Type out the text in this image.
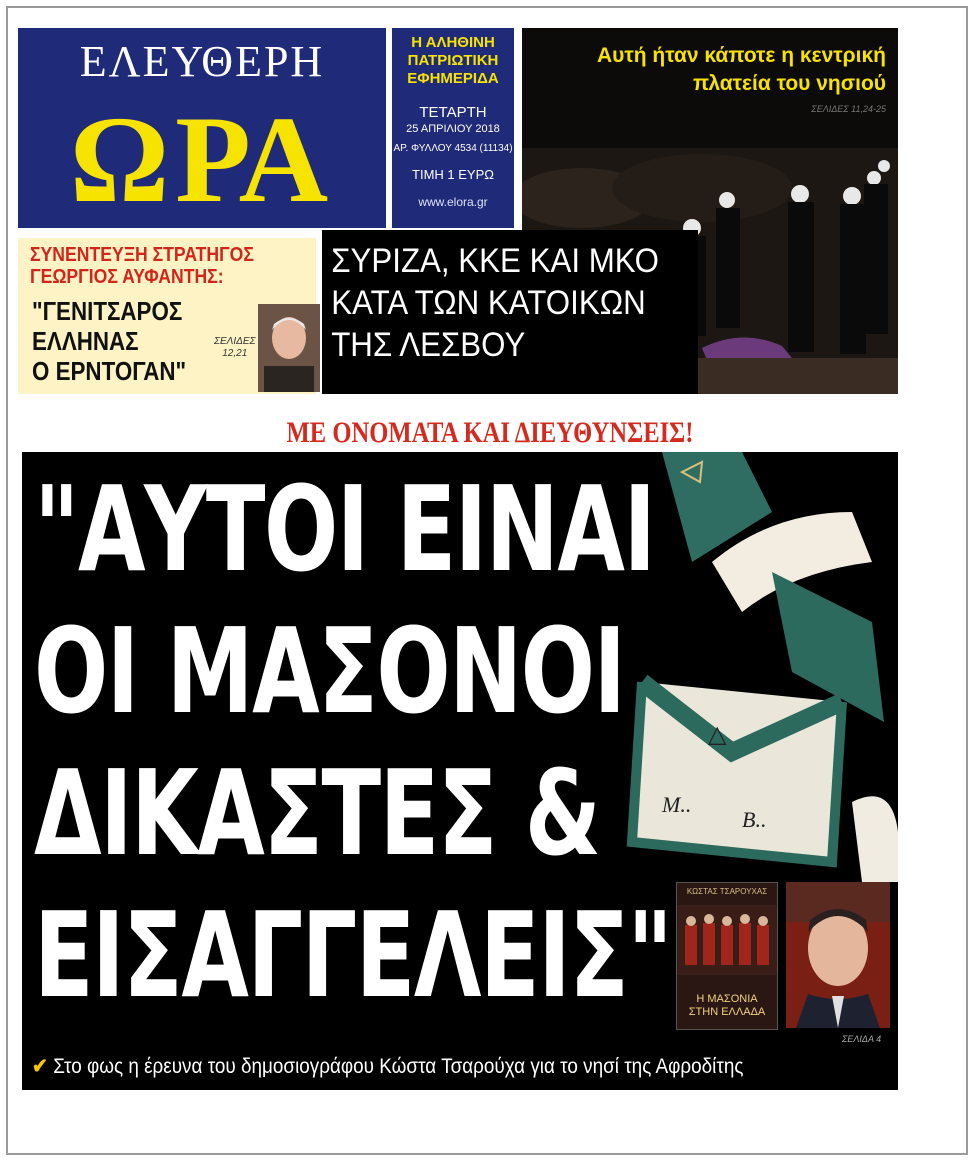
ΕΛΕΥΘΕΡΗ
ΩΡΑ
Η ΑΛΗΘΙΝΗ ΠΑΤΡΙΩΤΙΚΗ ΕΦΗΜΕΡΙΔΑ
ΤΕΤΑΡΤΗ
25 ΑΠΡΙΛΙΟΥ 2018
ΑΡ. ΦΥΛΛΟΥ 4534 (11134)
ΤΙΜΗ 1 ΕΥΡΩ
www.elora.gr
Αυτή ήταν κάποτε η κεντρική
πλατεία του νησιού
ΣΕΛΙΔΕΣ 11,24-25
ΣΥΡΙΖΑ, ΚΚΕ ΚΑΙ ΜΚΟ
ΚΑΤΑ ΤΩΝ ΚΑΤΟΙΚΩΝ
ΤΗΣ ΛΕΣΒΟΥ
ΣΥΝΕΝΤΕΥΞΗ ΣΤΡΑΤΗΓΟΣ
ΓΕΩΡΓΙΟΣ ΑΥΦΑΝΤΗΣ:
"ΓΕΝΙΤΣΑΡΟΣ
ΕΛΛΗΝΑΣ
Ο ΕΡΝΤΟΓΑΝ"
ΣΕΛΙΔΕΣ
12,21
ΜΕ ΟΝΟΜΑΤΑ ΚΑΙ ΔΙΕΥΘΥΝΣΕΙΣ!
△
M..
B..
"ΑΥΤΟΙ ΕΙΝΑΙ
ΟΙ ΜΑΣΟΝΟΙ
ΔΙΚΑΣΤΕΣ &
ΕΙΣΑΓΓΕΛΕΙΣ"	ΚΩΣΤΑΣ ΤΣΑΡΟΥΧΑΣ
Η ΜΑΣΟΝΙΑ
ΣΤΗΝ ΕΛΛΑΔΑ
ΣΕΛΙΔΑ 4
✔ Στο φως η έρευνα του δημοσιογράφου Κώστα Τσαρούχα για το νησί της Αφροδίτης
